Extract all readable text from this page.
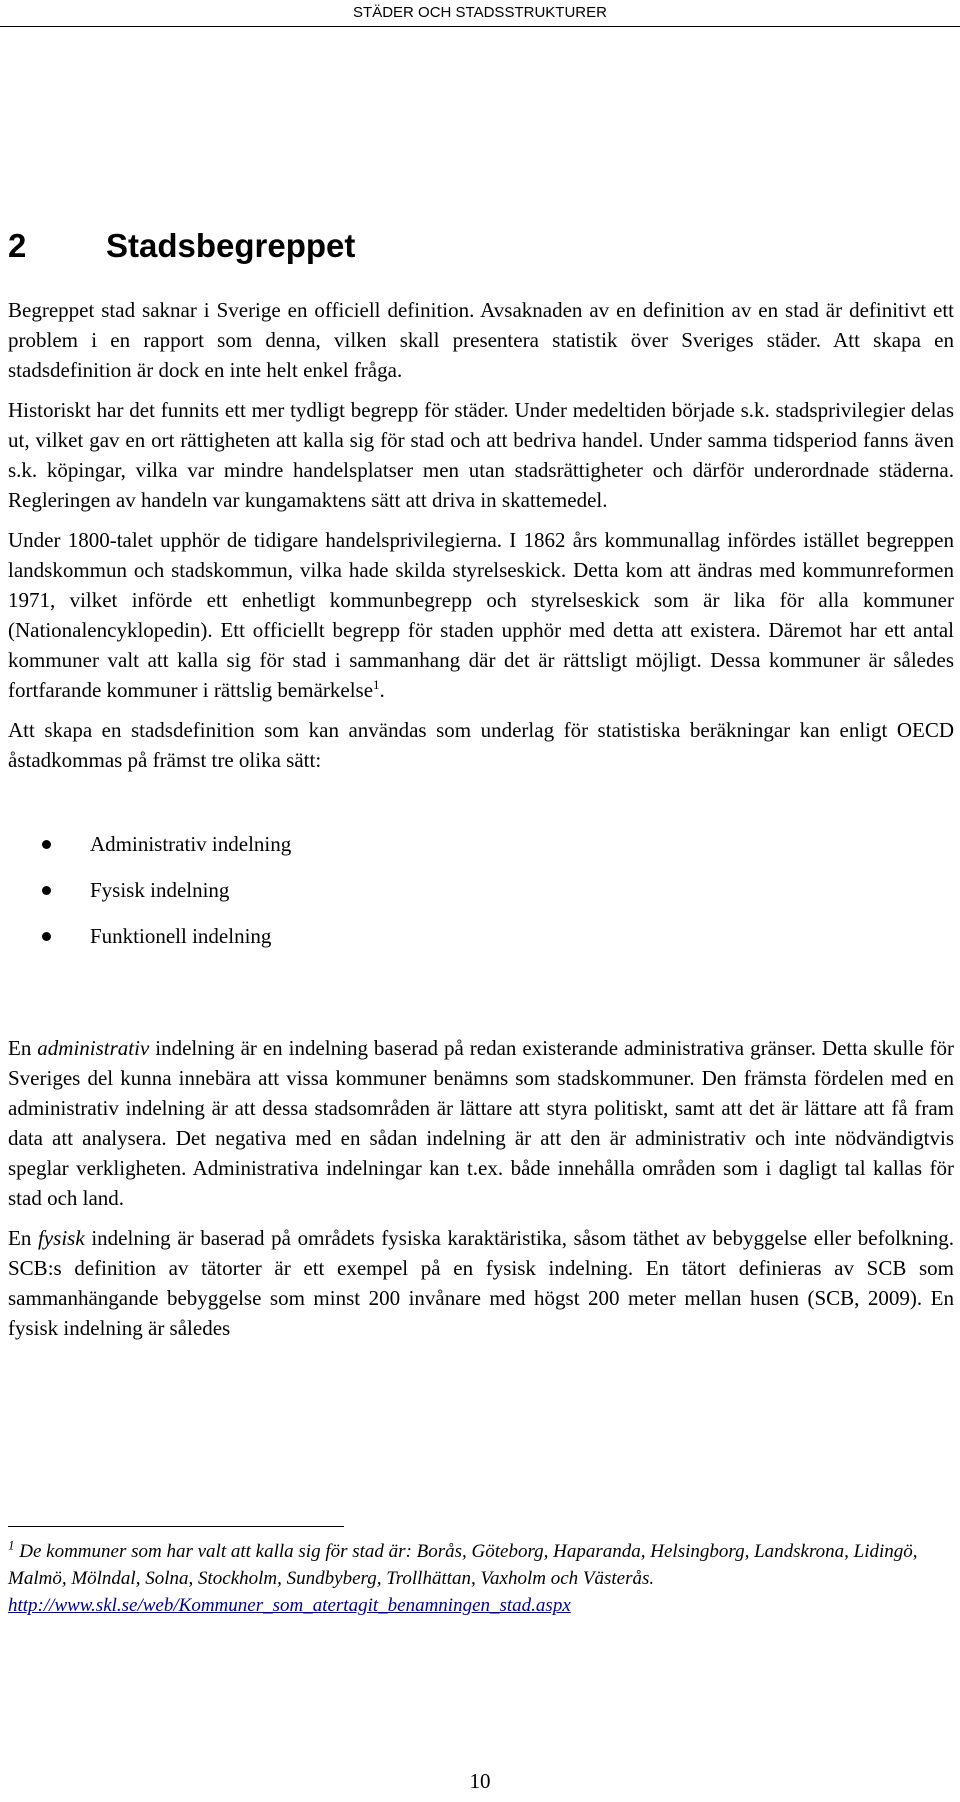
STÄDER OCH STADSSTRUKTURER
2 Stadsbegreppet

Begreppet stad saknar i Sverige en officiell definition. Avsaknaden av en definition av en stad är definitivt ett problem i en rapport som denna, vilken skall presentera statistik över Sveriges städer. Att skapa en stadsdefinition är dock en inte helt enkel fråga.

Historiskt har det funnits ett mer tydligt begrepp för städer. Under medeltiden började s.k. stadsprivilegier delas ut, vilket gav en ort rättigheten att kalla sig för stad och att bedriva handel. Under samma tidsperiod fanns även s.k. köpingar, vilka var mindre handelsplatser men utan stadsrättigheter och därför underordnade städerna. Regleringen av handeln var kungamaktens sätt att driva in skattemedel.

Under 1800-talet upphör de tidigare handelsprivilegierna. I 1862 års kommunallag infördes istället begreppen landskommun och stadskommun, vilka hade skilda styrelseskick. Detta kom att ändras med kommunreformen 1971, vilket införde ett enhetligt kommunbegrepp och styrelseskick som är lika för alla kommuner (Nationalencyklopedin). Ett officiellt begrepp för staden upphör med detta att existera. Däremot har ett antal kommuner valt att kalla sig för stad i sammanhang där det är rättsligt möjligt. Dessa kommuner är således fortfarande kommuner i rättslig bemärkelse$^1$.

Att skapa en stadsdefinition som kan användas som underlag för statistiska beräkningar kan enligt OECD åstadkommas på främst tre olika sätt:

Administrativ indelning
Fysisk indelning
Funktionell indelning

En administrativ indelning är en indelning baserad på redan existerande administrativa gränser. Detta skulle för Sveriges del kunna innebära att vissa kommuner benämns som stadskommuner. Den främsta fördelen med en administrativ indelning är att dessa stadsområden är lättare att styra politiskt, samt att det är lättare att få fram data att analysera. Det negativa med en sådan indelning är att den är administrativ och inte nödvändigtvis speglar verkligheten. Administrativa indelningar kan t.ex. både innehålla områden som i dagligt tal kallas för stad och land.

En fysisk indelning är baserad på områdets fysiska karaktäristika, såsom täthet av bebyggelse eller befolkning. SCB:s definition av tätorter är ett exempel på en fysisk indelning. En tätort definieras av SCB som sammanhängande bebyggelse som minst 200 invånare med högst 200 meter mellan husen (SCB, 2009). En fysisk indelning är således

$^1$ De kommuner som har valt att kalla sig för stad är: Borås, Göteborg, Haparanda, Helsingborg, Landskrona, Lidingö, Malmö, Mölndal, Solna, Stockholm, Sundbyberg, Trollhättan, Vaxholm och Västerås. http://www.skl.se/web/Kommuner_som_atertagit_benamningen_stad.aspx
10
